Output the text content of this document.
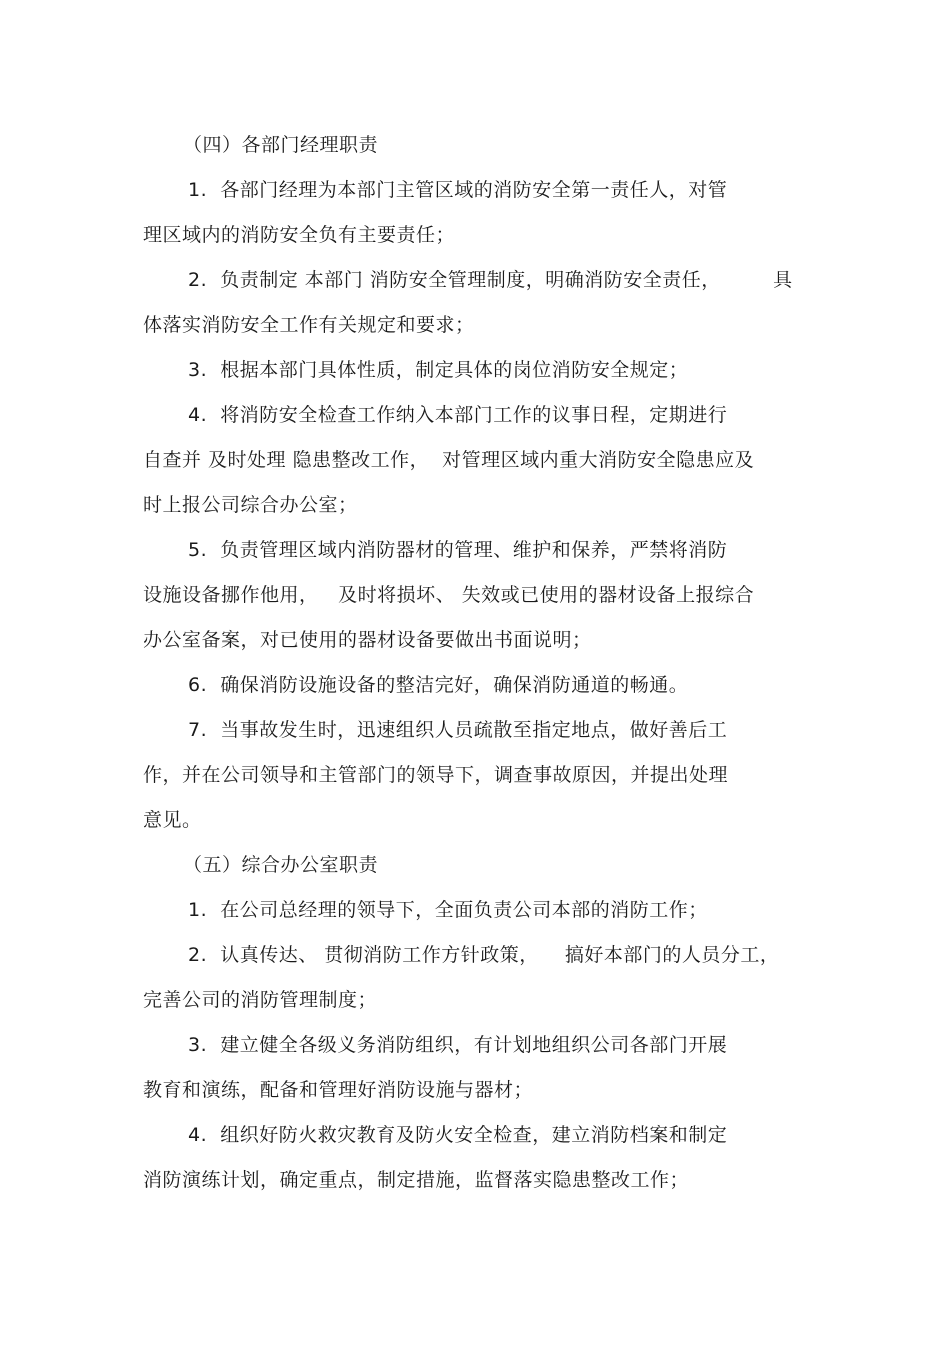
（四）各部门经理职责
1.  各部门经理为本部门主管区域的消防安全第一责任人，对管
理区域内的消防安全负有主要责任；
2.  负责制定 本部门 消防安全管理制度，明确消防安全责任，        具
体落实消防安全工作有关规定和要求；
3.  根据本部门具体性质，制定具体的岗位消防安全规定；
4.  将消防安全检查工作纳入本部门工作的议事日程，定期进行
自查并 及时处理 隐患整改工作，  对管理区域内重大消防安全隐患应及
时上报公司综合办公室；
5.  负责管理区域内消防器材的管理、维护和保养，严禁将消防
设施设备挪作他用，   及时将损坏、 失效或已使用的器材设备上报综合
办公室备案，对已使用的器材设备要做出书面说明；
6.  确保消防设施设备的整洁完好，确保消防通道的畅通。
7.  当事故发生时，迅速组织人员疏散至指定地点，做好善后工
作，并在公司领导和主管部门的领导下，调查事故原因，并提出处理
意见。
（五）综合办公室职责
1.  在公司总经理的领导下，全面负责公司本部的消防工作；
2.  认真传达、 贯彻消防工作方针政策，    搞好本部门的人员分工，
完善公司的消防管理制度；
3.  建立健全各级义务消防组织，有计划地组织公司各部门开展
教育和演练，配备和管理好消防设施与器材；
4.  组织好防火救灾教育及防火安全检查，建立消防档案和制定
消防演练计划，确定重点，制定措施，监督落实隐患整改工作；
